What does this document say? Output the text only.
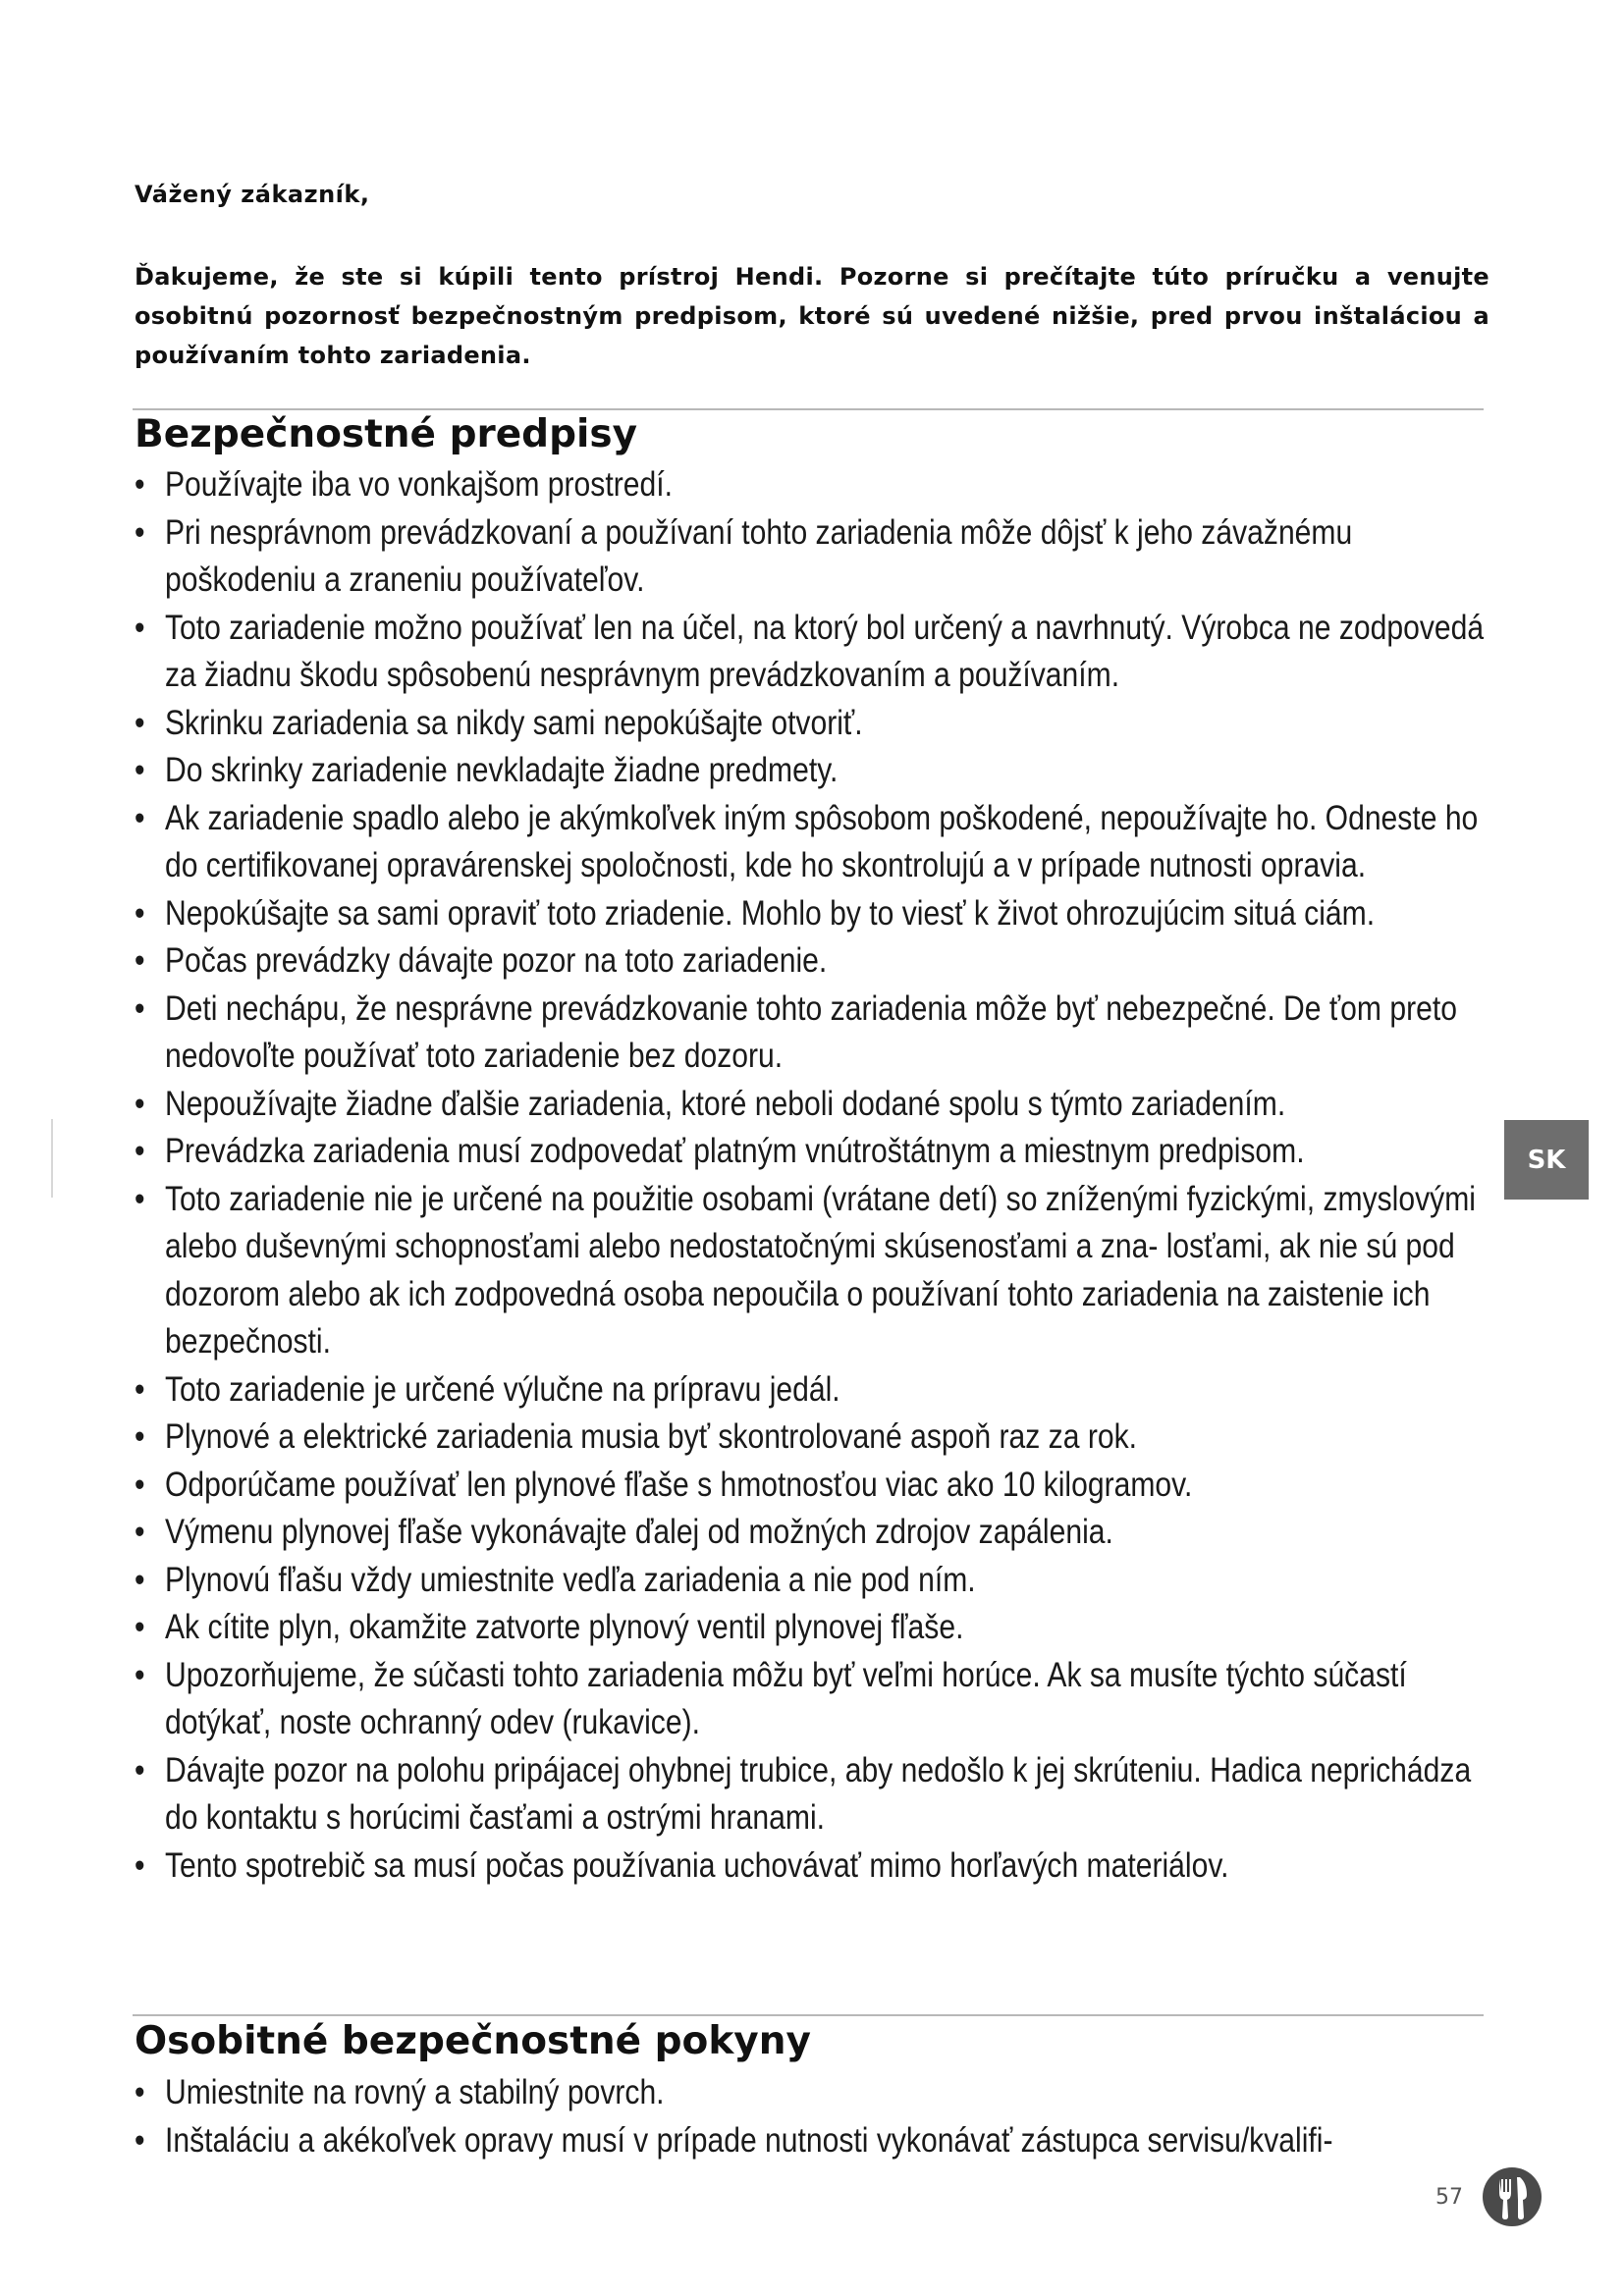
Vážený zákazník,
Ďakujeme, že ste si kúpili tento prístroj Hendi. Pozorne si prečítajte túto príručku a venujte osobitnú pozornosť bezpečnostným predpisom, ktoré sú uvedené nižšie, pred prvou inštaláciou a používaním tohto zariadenia.
Bezpečnostné predpisy
• Používajte iba vo vonkajšom prostredí.
• Pri nesprávnom prevádzkovaní a používaní tohto zariadenia môže dôjsť k jeho závažnému poškodeniu a zraneniu používateľov.
• Toto zariadenie možno používať len na účel, na ktorý bol určený a navrhnutý. Výrobca ne zodpovedá za žiadnu škodu spôsobenú nesprávnym prevádzkovaním a používaním.
• Skrinku zariadenia sa nikdy sami nepokúšajte otvoriť.
• Do skrinky zariadenie nevkladajte žiadne predmety.
• Ak zariadenie spadlo alebo je akýmkoľvek iným spôsobom poškodené, nepoužívajte ho. Odneste ho do certifikovanej opravárenskej spoločnosti, kde ho skontrolujú a v prípade nutnosti opravia.
• Nepokúšajte sa sami opraviť toto zriadenie. Mohlo by to viesť k život ohrozujúcim situá ciám.
• Počas prevádzky dávajte pozor na toto zariadenie.
• Deti nechápu, že nesprávne prevádzkovanie tohto zariadenia môže byť nebezpečné. De ťom preto nedovoľte používať toto zariadenie bez dozoru.
• Nepoužívajte žiadne ďalšie zariadenia, ktoré neboli dodané spolu s týmto zariadením.
• Prevádzka zariadenia musí zodpovedať platným vnútroštátnym a miestnym predpisom.
• Toto zariadenie nie je určené na použitie osobami (vrátane detí) so zníženými fyzickými, zmyslovými alebo duševnými schopnosťami alebo nedostatočnými skúsenosťami a zna- losťami, ak nie sú pod dozorom alebo ak ich zodpovedná osoba nepoučila o používaní tohto zariadenia na zaistenie ich bezpečnosti.
• Toto zariadenie je určené výlučne na prípravu jedál.
• Plynové a elektrické zariadenia musia byť skontrolované aspoň raz za rok.
• Odporúčame používať len plynové fľaše s hmotnosťou viac ako 10 kilogramov.
• Výmenu plynovej fľaše vykonávajte ďalej od možných zdrojov zapálenia.
• Plynovú fľašu vždy umiestnite vedľa zariadenia a nie pod ním.
• Ak cítite plyn, okamžite zatvorte plynový ventil plynovej fľaše.
• Upozorňujeme, že súčasti tohto zariadenia môžu byť veľmi horúce. Ak sa musíte týchto súčastí dotýkať, noste ochranný odev (rukavice).
• Dávajte pozor na polohu pripájacej ohybnej trubice, aby nedošlo k jej skrúteniu. Hadica neprichádza do kontaktu s horúcimi časťami a ostrými hranami.
• Tento spotrebič sa musí počas používania uchovávať mimo horľavých materiálov.
Osobitné bezpečnostné pokyny
• Umiestnite na rovný a stabilný povrch.
• Inštaláciu a akékoľvek opravy musí v prípade nutnosti vykonávať zástupca servisu/kvalifi-
SK
57
